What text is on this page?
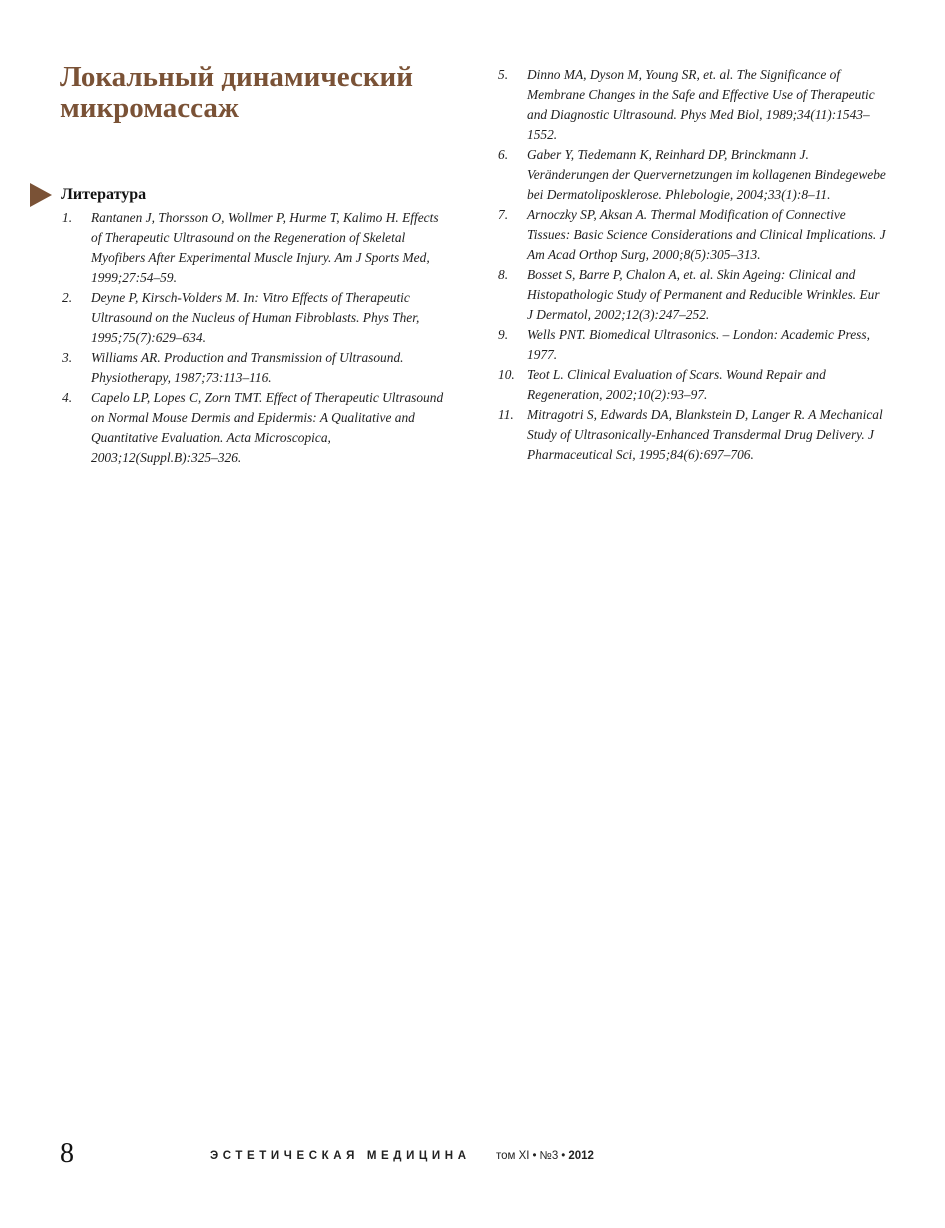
Локальный динамический микромассаж
Литература
1.	Rantanen J, Thorsson O, Wollmer P, Hurme T, Kalimo H. Effects of Therapeutic Ultrasound on the Regeneration of Skeletal Myofibers After Experimental Muscle Injury. Am J Sports Med, 1999;27:54–59.
2.	Deyne P, Kirsch-Volders M. In: Vitro Effects of Therapeutic Ultrasound on the Nucleus of Human Fibroblasts. Phys Ther, 1995;75(7):629–634.
3.	Williams AR. Production and Transmission of Ultrasound. Physiotherapy, 1987;73:113–116.
4.	Capelo LP, Lopes C, Zorn TMT. Effect of Therapeutic Ultrasound on Normal Mouse Dermis and Epidermis: A Qualitative and Quantitative Evaluation. Acta Microscopica, 2003;12(Suppl.B):325–326.
5.	Dinno MA, Dyson M, Young SR, et. al. The Significance of Membrane Changes in the Safe and Effective Use of Therapeutic and Diagnostic Ultrasound. Phys Med Biol, 1989;34(11):1543–1552.
6.	Gaber Y, Tiedemann K, Reinhard DP, Brinckmann J. Veränderungen der Quervernetzungen im kollagenen Bindegewebe bei Dermatoliposklerose. Phlebologie, 2004;33(1):8–11.
7.	Arnoczky SP, Aksan A. Thermal Modification of Connective Tissues: Basic Science Considerations and Clinical Implications. J Am Acad Orthop Surg, 2000;8(5):305–313.
8.	Bosset S, Barre P, Chalon A, et. al. Skin Ageing: Clinical and Histopathologic Study of Permanent and Reducible Wrinkles. Eur J Dermatol, 2002;12(3):247–252.
9.	Wells PNT. Biomedical Ultrasonics. – London: Academic Press, 1977.
10. Teot L. Clinical Evaluation of Scars. Wound Repair and Regeneration, 2002;10(2):93–97.
11. Mitragotri S, Edwards DA, Blankstein D, Langer R. A Mechanical Study of Ultrasonically-Enhanced Transdermal Drug Delivery. J Pharmaceutical Sci, 1995;84(6):697–706.
8	ЭСТЕТИЧЕСКАЯ МЕДИЦИНА том XI • №3 • 2012
